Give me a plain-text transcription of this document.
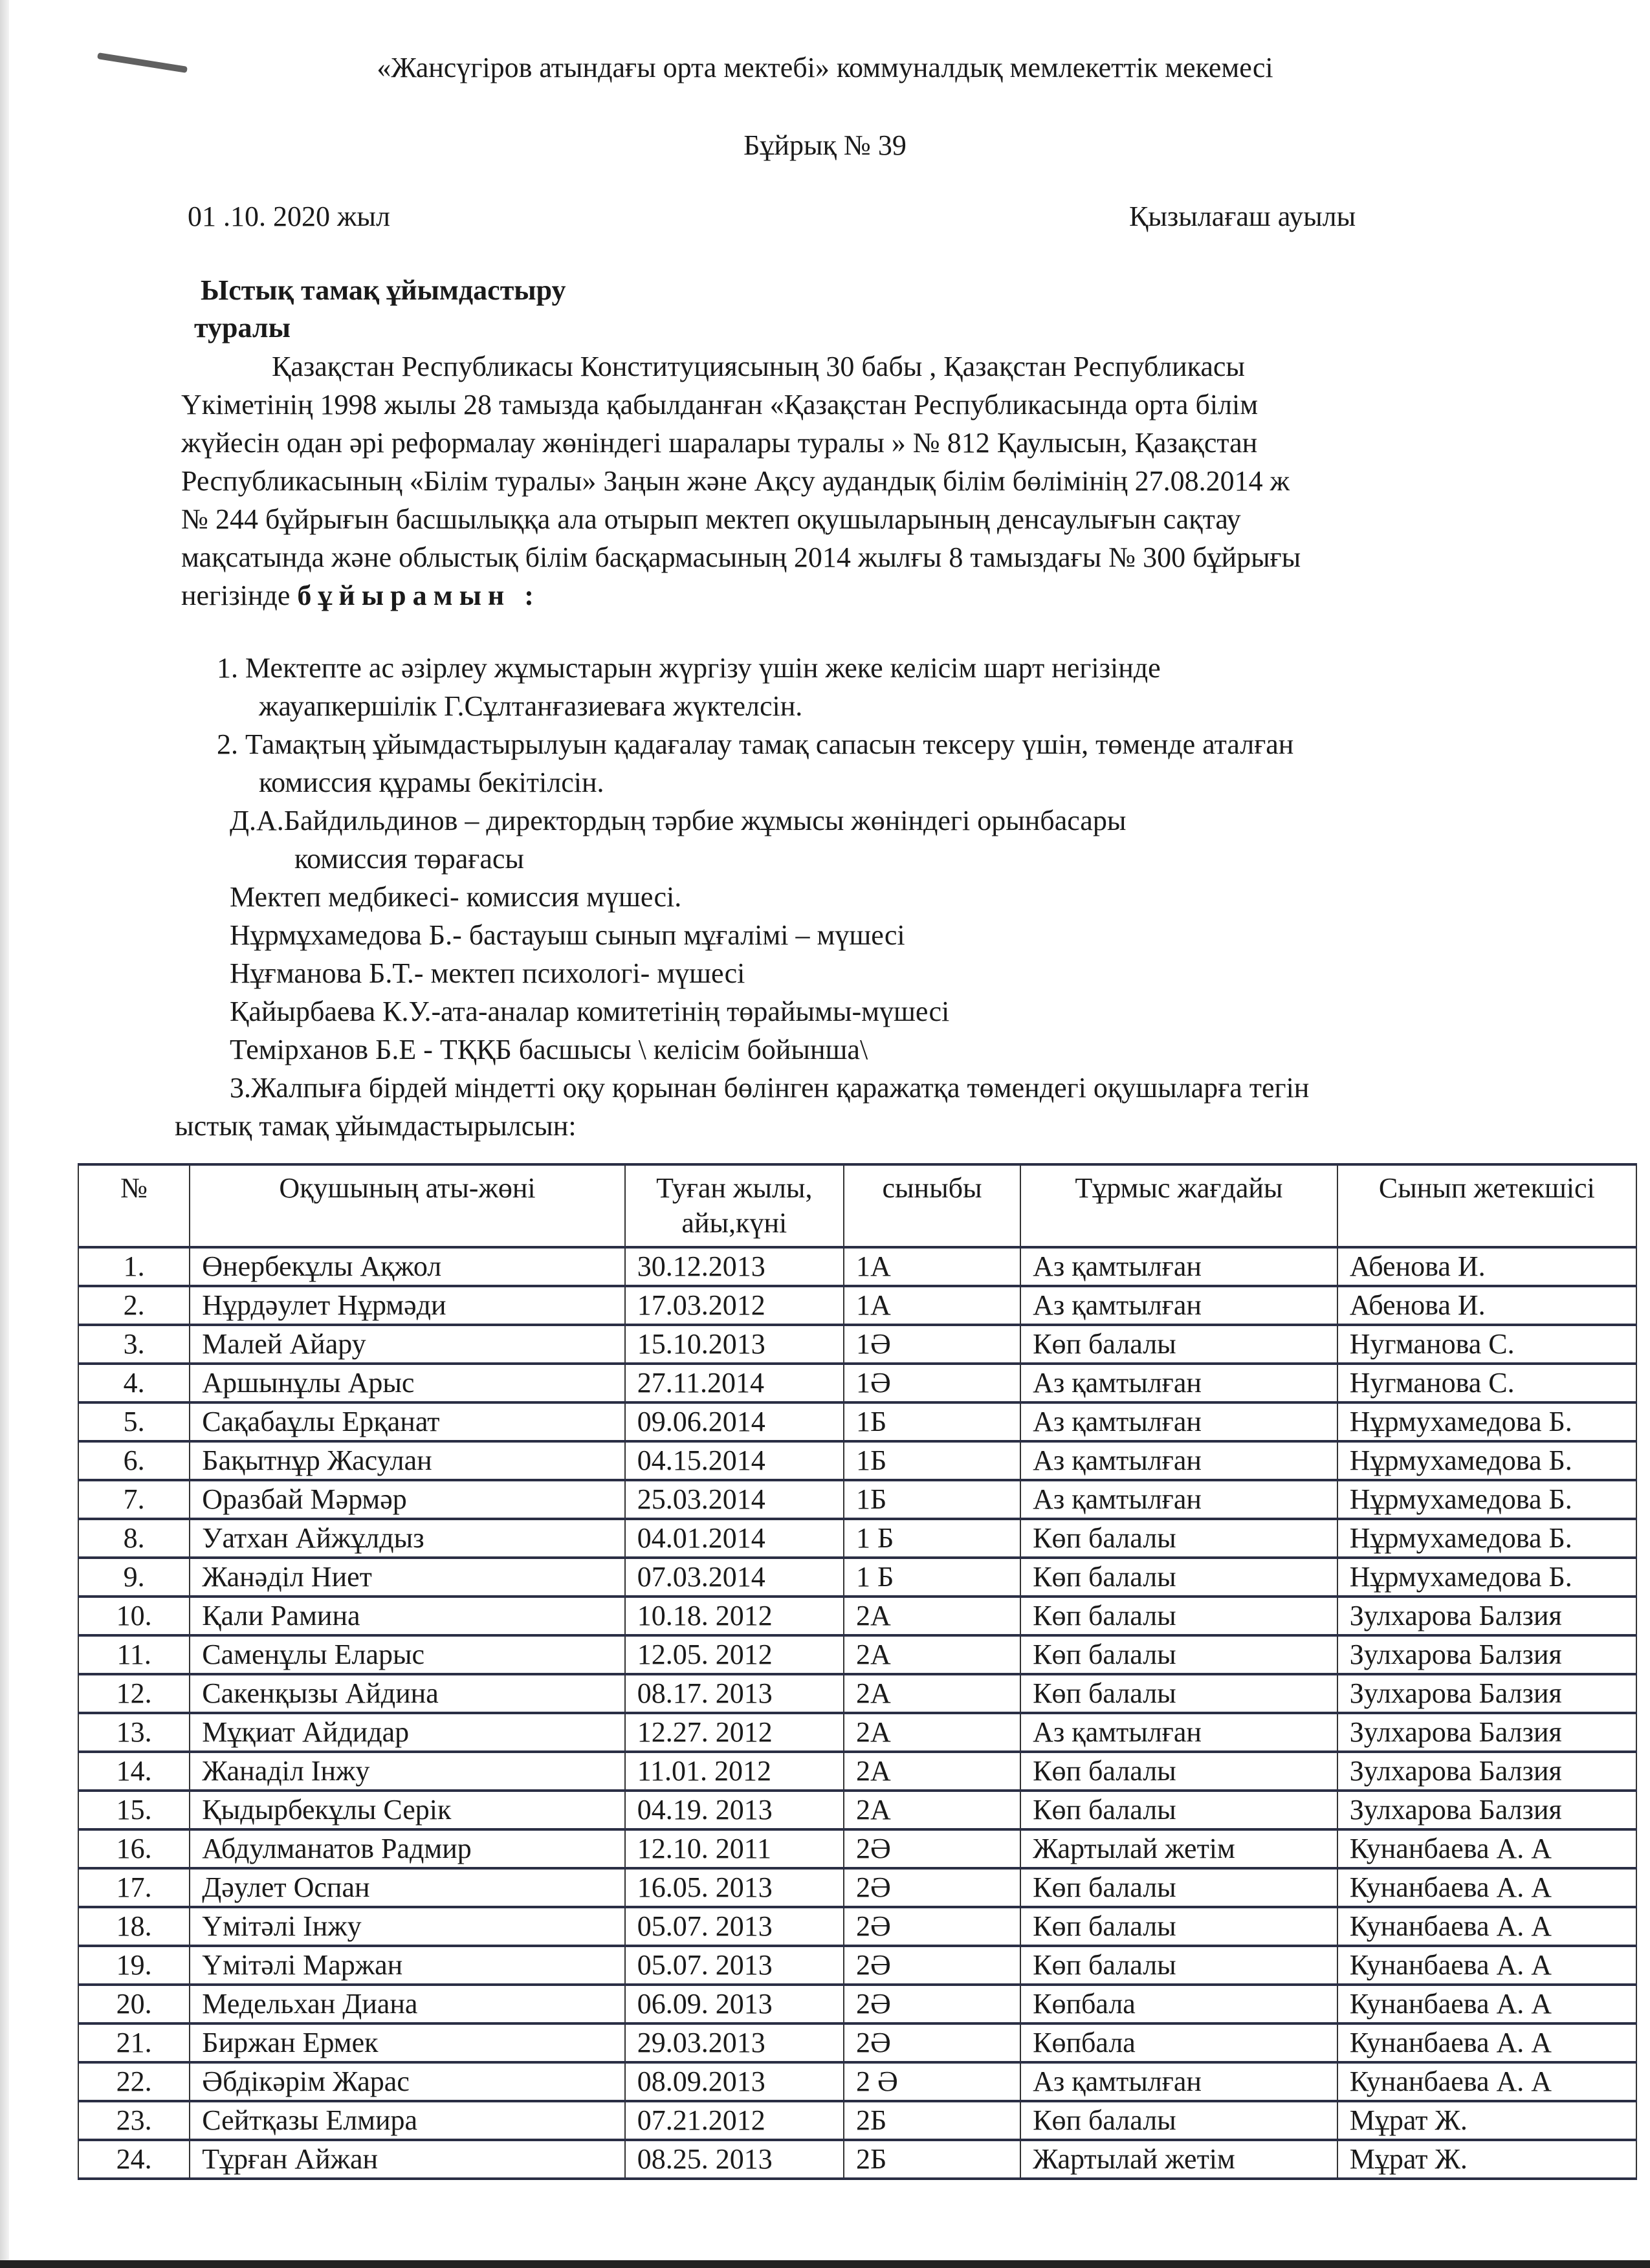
«Жансүгіров атындағы орта мектебі» коммуналдық мемлекеттік мекемесі
Бұйрық № 39
01 .10. 2020 жыл	Қызылағаш ауылы
Ыстық тамақ ұйымдастыру
туралы
Қазақстан Республикасы Конституциясының 30 бабы , Қазақстан Республикасы
Үкіметінің 1998 жылы 28 тамызда қабылданған «Қазақстан Республикасында орта білім
жүйесін одан әрі реформалау жөніндегі шаралары туралы » № 812 Қаулысын, Қазақстан
Республикасының «Білім туралы» Заңын және Ақсу аудандық білім бөлімінің 27.08.2014 ж
№ 244 бұйрығын басшылыққа ала отырып мектеп оқушыларының денсаулығын сақтау
мақсатында және облыстық білім басқармасының 2014 жылғы 8 тамыздағы № 300 бұйрығы
негізінде бұйырамын :
1. Мектепте ас әзірлеу жұмыстарын жүргізу үшін жеке келісім шарт негізінде
жауапкершілік Г.Сұлтанғазиеваға жүктелсін.
2. Тамақтың ұйымдастырылуын қадағалау тамақ сапасын тексеру үшін, төменде аталған
комиссия құрамы бекітілсін.
Д.А.Байдильдинов – директордың тәрбие жұмысы жөніндегі орынбасары
комиссия төрағасы
Мектеп медбикесі- комиссия мүшесі.
Нұрмұхамедова Б.- бастауыш сынып мұғалімі – мүшесі
Нұғманова Б.Т.- мектеп психологі- мүшесі
Қайырбаева К.У.-ата-аналар комитетінің төрайымы-мүшесі
Темірханов Б.Е - ТҚҚБ басшысы \ келісім бойынша\
3.Жалпыға бірдей міндетті оқу қорынан бөлінген қаражатқа төмендегі оқушыларға тегін
ыстық тамақ ұйымдастырылсын:
№	Оқушының аты-жөні	Туған жылы, айы,күні	сыныбы	Тұрмыс жағдайы	Сынып жетекшісі
1.	Өнербекұлы Ақжол	30.12.2013	1А	Аз қамтылған	Абенова И.
2.	Нұрдәулет Нұрмәди	17.03.2012	1А	Аз қамтылған	Абенова И.
3.	Малей Айару	15.10.2013	1Ә	Көп балалы	Нугманова С.
4.	Аршынұлы Арыс	27.11.2014	1Ә	Аз қамтылған	Нугманова С.
5.	Сақабаұлы Ерқанат	09.06.2014	1Б	Аз қамтылған	Нұрмухамедова Б.
6.	Бақытнұр Жасулан	04.15.2014	1Б	Аз қамтылған	Нұрмухамедова Б.
7.	Оразбай Мәрмәр	25.03.2014	1Б	Аз қамтылған	Нұрмухамедова Б.
8.	Уатхан Айжұлдыз	04.01.2014	1 Б	Көп балалы	Нұрмухамедова Б.
9.	Жанәділ Ниет	07.03.2014	1 Б	Көп балалы	Нұрмухамедова Б.
10.	Қали Рамина	10.18. 2012	2А	Көп балалы	Зулхарова Балзия
11.	Саменұлы Еларыс	12.05. 2012	2А	Көп балалы	Зулхарова Балзия
12.	Сакенқызы Айдина	08.17. 2013	2А	Көп балалы	Зулхарова Балзия
13.	Мұқиат Айдидар	12.27. 2012	2А	Аз қамтылған	Зулхарова Балзия
14.	Жанаділ Інжу	11.01. 2012	2А	Көп балалы	Зулхарова Балзия
15.	Қыдырбекұлы Серік	04.19. 2013	2А	Көп балалы	Зулхарова Балзия
16.	Абдулманатов Радмир	12.10. 2011	2Ә	Жартылай жетім	Кунанбаева А. А
17.	Дәулет Оспан	16.05. 2013	2Ә	Көп балалы	Кунанбаева А. А
18.	Үмітәлі Інжу	05.07. 2013	2Ә	Көп балалы	Кунанбаева А. А
19.	Үмітәлі Маржан	05.07. 2013	2Ә	Көп балалы	Кунанбаева А. А
20.	Медельхан Диана	06.09. 2013	2Ә	Көпбала	Кунанбаева А. А
21.	Биржан Ермек	29.03.2013	2Ә	Көпбала	Кунанбаева А. А
22.	Әбдікәрім Жарас	08.09.2013	2 Ә	Аз қамтылған	Кунанбаева А. А
23.	Сейтқазы Елмира	07.21.2012	2Б	Көп балалы	Мұрат Ж.
24.	Тұрған Айжан	08.25. 2013	2Б	Жартылай жетім	Мұрат Ж.
